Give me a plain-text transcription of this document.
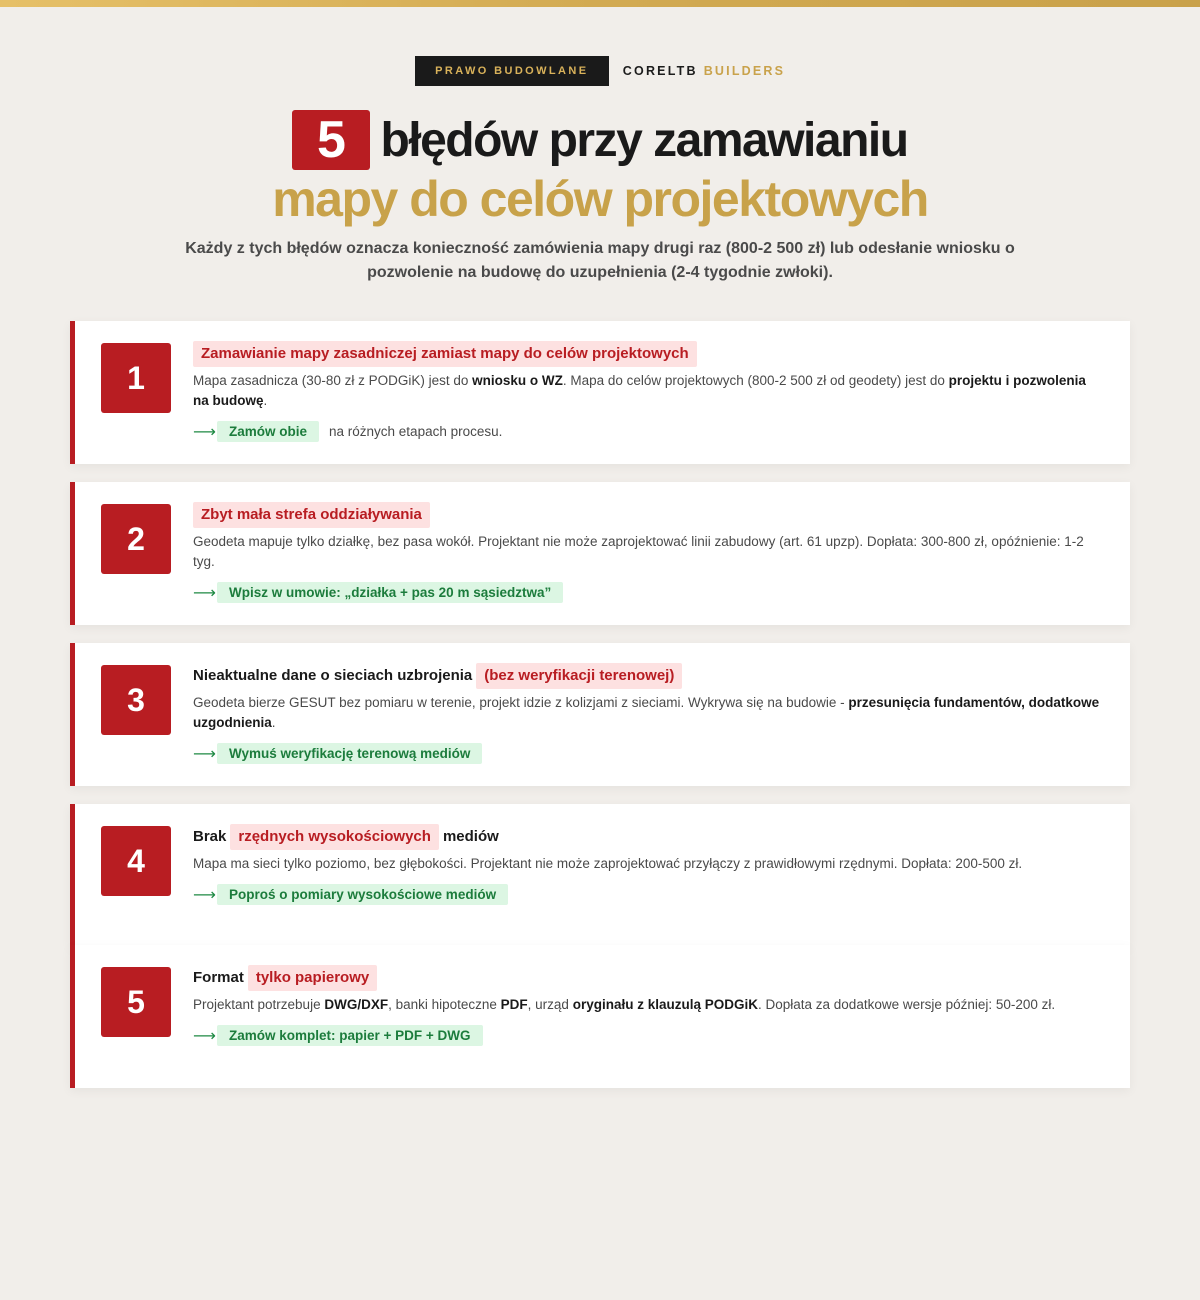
PRAWO BUDOWLANE	CORELTB BUILDERS
5 błędów przy zamawianiu
mapy do celów projektowych
Każdy z tych błędów oznacza konieczność zamówienia mapy drugi raz (800-2 500 zł) lub odesłanie wniosku o pozwolenie na budowę do uzupełnienia (2-4 tygodnie zwłoki).
1
Zamawianie mapy zasadniczej zamiast mapy do celów projektowych
Mapa zasadnicza (30-80 zł z PODGiK) jest do wniosku o WZ. Mapa do celów projektowych (800-2 500 zł od geodety) jest do projektu i pozwolenia na budowę.
⟶ Zamów obie	na różnych etapach procesu.
2
Zbyt mała strefa oddziaływania
Geodeta mapuje tylko działkę, bez pasa wokół. Projektant nie może zaprojektować linii zabudowy (art. 61 upzp). Dopłata: 300-800 zł, opóźnienie: 1-2 tyg.
⟶ Wpisz w umowie: „działka + pas 20 m sąsiedztwa”
3
Nieaktualne dane o sieciach uzbrojenia (bez weryfikacji terenowej)
Geodeta bierze GESUT bez pomiaru w terenie, projekt idzie z kolizjami z sieciami. Wykrywa się na budowie - przesunięcia fundamentów, dodatkowe uzgodnienia.
⟶ Wymuś weryfikację terenową mediów
4
Brak rzędnych wysokościowych mediów
Mapa ma sieci tylko poziomo, bez głębokości. Projektant nie może zaprojektować przyłączy z prawidłowymi rzędnymi. Dopłata: 200-500 zł.
⟶ Poproś o pomiary wysokościowe mediów
5
Format tylko papierowy
Projektant potrzebuje DWG/DXF, banki hipoteczne PDF, urząd oryginału z klauzulą PODGiK. Dopłata za dodatkowe wersje później: 50-200 zł.
⟶ Zamów komplet: papier + PDF + DWG
